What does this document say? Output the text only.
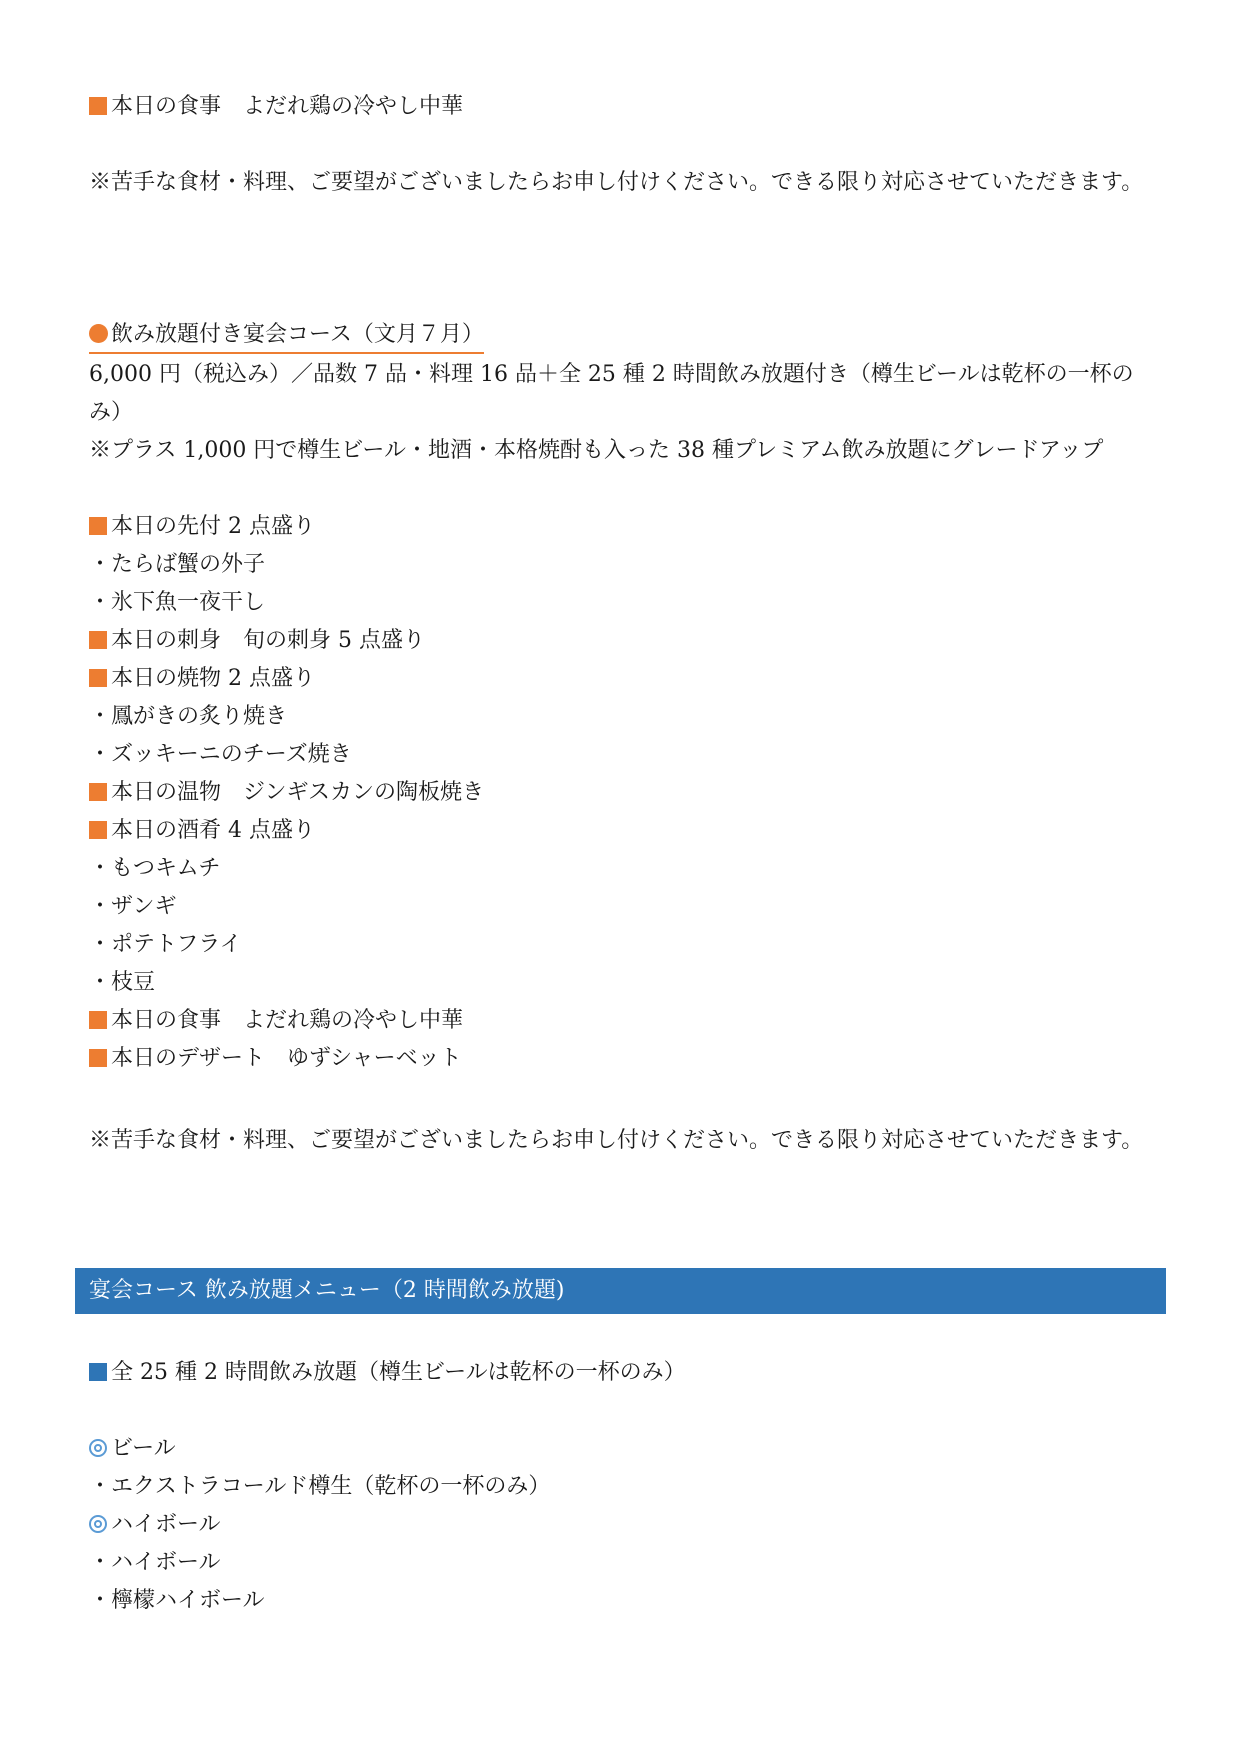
本日の食事　よだれ鶏の冷やし中華
※苦手な食材・料理、ご要望がございましたらお申し付けください。できる限り対応させていただきます。
飲み放題付き宴会コース（文月７月）
6,000 円（税込み）／品数 7 品・料理 16 品＋全 25 種 2 時間飲み放題付き（樽生ビールは乾杯の一杯のみ）
※プラス 1,000 円で樽生ビール・地酒・本格焼酎も入った 38 種プレミアム飲み放題にグレードアップ
本日の先付 2 点盛り
・たらば蟹の外子
・氷下魚一夜干し
本日の刺身　旬の刺身 5 点盛り
本日の焼物 2 点盛り
・鳳がきの炙り焼き
・ズッキーニのチーズ焼き
本日の温物　ジンギスカンの陶板焼き
本日の酒肴 4 点盛り
・もつキムチ
・ザンギ
・ポテトフライ
・枝豆
本日の食事　よだれ鶏の冷やし中華
本日のデザート　ゆずシャーベット
※苦手な食材・料理、ご要望がございましたらお申し付けください。できる限り対応させていただきます。
宴会コース 飲み放題メニュー（2 時間飲み放題)
全 25 種 2 時間飲み放題（樽生ビールは乾杯の一杯のみ）
ビール
・エクストラコールド樽生（乾杯の一杯のみ）
ハイボール
・ハイボール
・檸檬ハイボール
